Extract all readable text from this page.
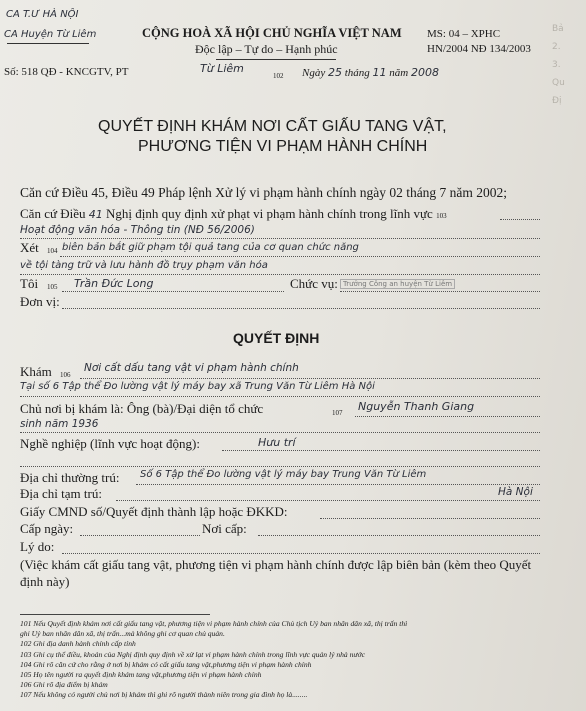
CA T.Ư HÀ NỘI
CA Huyện Từ Liêm
Số: 518 QĐ - KNCGTV, PT
CỘNG HOÀ XÃ HỘI CHỦ NGHĨA VIỆT NAM
Độc lập – Tự do – Hạnh phúc
MS: 04 – XPHC
HN/2004 NĐ 134/2003
Từ Liêm
102 Ngày 25 tháng 11 năm 2008
Bả
2.
3.
Qu
Đị
QUYẾT ĐỊNH KHÁM NƠI CẤT GIẤU TANG VẬT,
PHƯƠNG TIỆN VI PHẠM HÀNH CHÍNH
Căn cứ Điều 45, Điều 49 Pháp lệnh Xử lý vi phạm hành chính ngày 02 tháng 7 năm 2002;
Căn cứ Điều 41 Nghị định quy định xử phạt vi phạm hành chính trong lĩnh vực 103
Hoạt động văn hóa - Thông tin (NĐ 56/2006)
Xét 104 biên bản bắt giữ phạm tội quả tang của cơ quan chức năng
về tội tàng trữ và lưu hành đồ trụy phạm văn hóa
Tôi 105 Trần Đức Long	Chức vụ: Trưởng Công an huyện Từ Liêm
Đơn vị:
QUYẾT ĐỊNH
Khám 106
Nơi cất dấu tang vật vi phạm hành chính
Tại số 6 Tập thể Đo lường vật lý máy bay xã Trung Văn Từ Liêm Hà Nội
Chủ nơi bị khám là: Ông (bà)/Đại diện tổ chức	107 Nguyễn Thanh Giang
sinh năm 1936
Nghề nghiệp (lĩnh vực hoạt động):	Hưu trí
Địa chỉ thường trú: Số 6 Tập thể Đo lường vật lý máy bay Trung Văn Từ Liêm
Địa chỉ tạm trú:	Hà Nội
Giấy CMND số/Quyết định thành lập hoặc ĐKKD:
Cấp ngày:	Nơi cấp:
Lý do:
(Việc khám cất giấu tang vật, phương tiện vi phạm hành chính được lập biên bản (kèm theo Quyết định này)
101 Nếu Quyết định khám nơi cất giấu tang vật, phương tiện vi phạm hành chính của Chủ tịch Uỷ ban nhân dân xã, thị trấn thì
ghi Uỷ ban nhân dân xã, thị trấn...mà không ghi cơ quan chủ quản.
102 Ghi địa danh hành chính cấp tỉnh
103 Ghi cụ thể điều, khoản của Nghị định quy định về xử lạt vi phạm hành chính trong lĩnh vực quản lý nhà nước
104 Ghi rõ căn cứ cho rằng ở nơi bị khám có cất giấu tang vật,phương tiện vi phạm hành chính
105 Họ tên người ra quyết định khám tang vật,phương tiện vi phạm hành chính
106 Ghi rõ địa điểm bị khám
107 Nếu không có người chủ nơi bị khám thì ghi rõ người thành niên trong gia đình họ là........
